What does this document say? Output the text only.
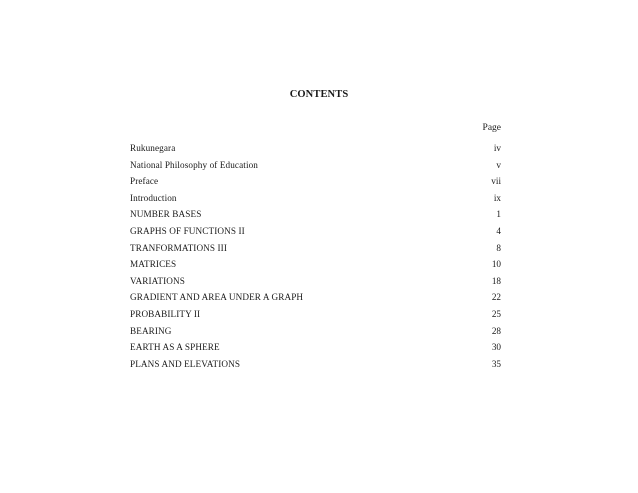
CONTENTS
Page
Rukunegara	iv
National Philosophy of Education	v
Preface	vii
Introduction	ix
NUMBER BASES	1
GRAPHS OF FUNCTIONS II	4
TRANFORMATIONS III	8
MATRICES	10
VARIATIONS	18
GRADIENT AND AREA UNDER A GRAPH	22
PROBABILITY II	25
BEARING	28
EARTH AS A SPHERE	30
PLANS AND ELEVATIONS	35
